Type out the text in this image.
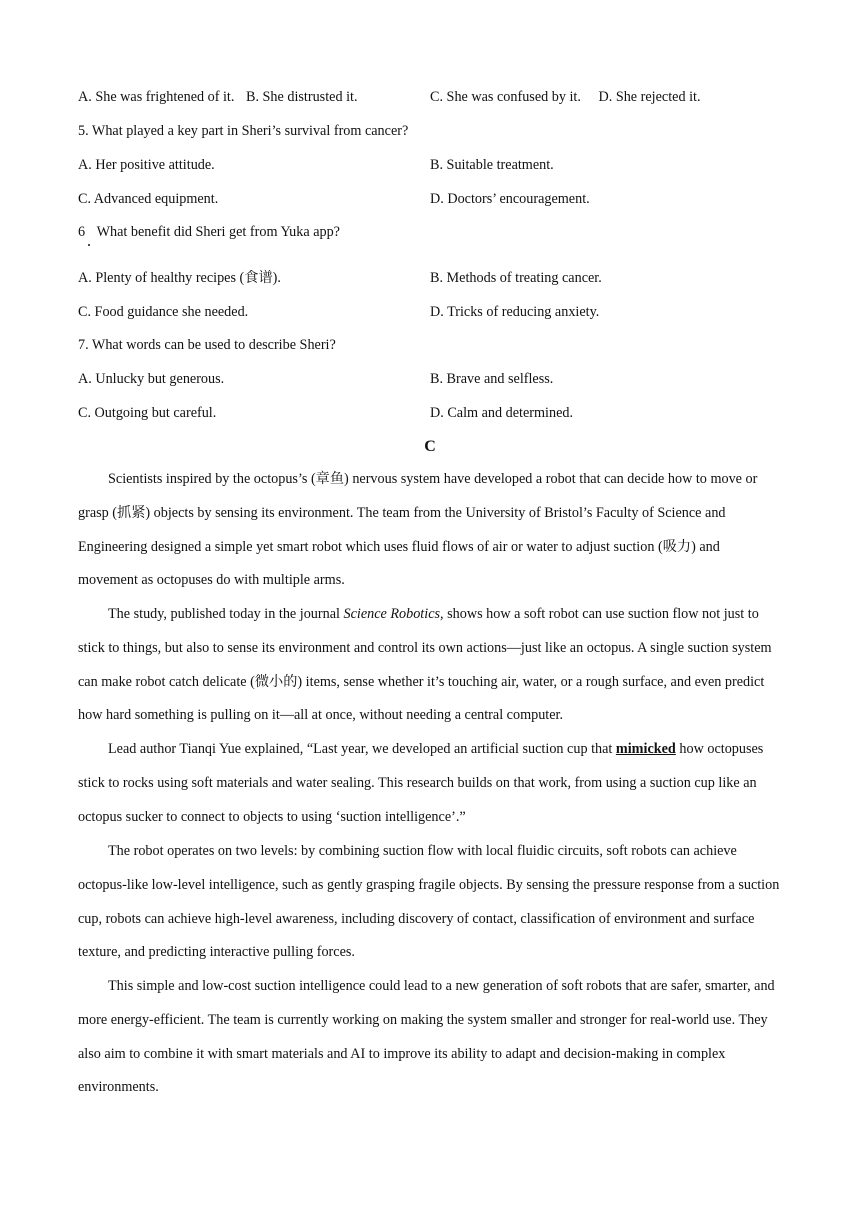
A. She was frightened of it. B. She distrusted it.	C. She was confused by it. D. She rejected it.
5. What played a key part in Sheri’s survival from cancer?
A. Her positive attitude.	B. Suitable treatment.
C. Advanced equipment.	D. Doctors’ encouragement.
6 What benefit did Sheri get from Yuka app?
A. Plenty of healthy recipes (食谱).	B. Methods of treating cancer.
C. Food guidance she needed.	D. Tricks of reducing anxiety.
7. What words can be used to describe Sheri?
A. Unlucky but generous.	B. Brave and selfless.
C. Outgoing but careful.	D. Calm and determined.
C

Scientists inspired by the octopus’s (章鱼) nervous system have developed a robot that can decide how to move or grasp (抓紧) objects by sensing its environment. The team from the University of Bristol’s Faculty of Science and Engineering designed a simple yet smart robot which uses fluid flows of air or water to adjust suction (吸力) and movement as octopuses do with multiple arms.

The study, published today in the journal Science Robotics, shows how a soft robot can use suction flow not just to stick to things, but also to sense its environment and control its own actions—just like an octopus. A single suction system can make robot catch delicate (微小的) items, sense whether it’s touching air, water, or a rough surface, and even predict how hard something is pulling on it—all at once, without needing a central computer.

Lead author Tianqi Yue explained, “Last year, we developed an artificial suction cup that mimicked how octopuses stick to rocks using soft materials and water sealing. This research builds on that work, from using a suction cup like an octopus sucker to connect to objects to using ‘suction intelligence’.”

The robot operates on two levels: by combining suction flow with local fluidic circuits, soft robots can achieve octopus-like low-level intelligence, such as gently grasping fragile objects. By sensing the pressure response from a suction cup, robots can achieve high-level awareness, including discovery of contact, classification of environment and surface texture, and predicting interactive pulling forces.

This simple and low-cost suction intelligence could lead to a new generation of soft robots that are safer, smarter, and more energy-efficient. The team is currently working on making the system smaller and stronger for real-world use. They also aim to combine it with smart materials and AI to improve its ability to adapt and decision-making in complex environments.
